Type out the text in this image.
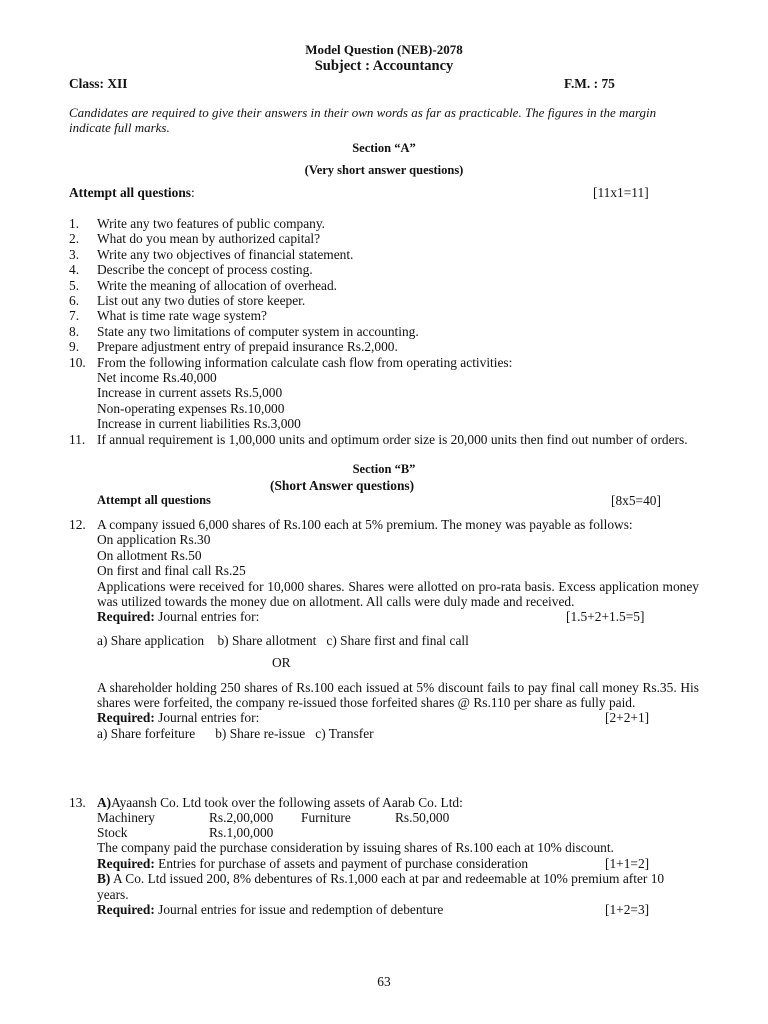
Model Question (NEB)-2078
Subject : Accountancy
Class: XII	F.M. : 75
Candidates are required to give their answers in their own words as far as practicable. The figures in the margin indicate full marks.
Section “A”
(Very short answer questions)
Attempt all questions:	[11x1=11]
1. Write any two features of public company.
2. What do you mean by authorized capital?
3. Write any two objectives of financial statement.
4. Describe the concept of process costing.
5. Write the meaning of allocation of overhead.
6. List out any two duties of store keeper.
7. What is time rate wage system?
8. State any two limitations of computer system in accounting.
9. Prepare adjustment entry of prepaid insurance Rs.2,000.
10. From the following information calculate cash flow from operating activities:
Net income Rs.40,000
Increase in current assets Rs.5,000
Non-operating expenses Rs.10,000
Increase in current liabilities Rs.3,000
11. If annual requirement is 1,00,000 units and optimum order size is 20,000 units then find out number of orders.
Section “B”
(Short Answer questions)
Attempt all questions	[8x5=40]
12. A company issued 6,000 shares of Rs.100 each at 5% premium. The money was payable as follows:
On application Rs.30
On allotment Rs.50
On first and final call Rs.25
Applications were received for 10,000 shares. Shares were allotted on pro-rata basis. Excess application money was utilized towards the money due on allotment. All calls were duly made and received.
Required: Journal entries for:	[1.5+2+1.5=5]
a) Share application    b) Share allotment   c) Share first and final call
OR
A shareholder holding 250 shares of Rs.100 each issued at 5% discount fails to pay final call money Rs.35. His shares were forfeited, the company re-issued those forfeited shares @ Rs.110 per share as fully paid.
Required: Journal entries for:	[2+2+1]
a) Share forfeiture      b) Share re-issue   c) Transfer
13. A)Ayaansh Co. Ltd took over the following assets of Aarab Co. Ltd:
Machinery	Rs.2,00,000 Furniture	Rs.50,000
Stock	Rs.1,00,000
The company paid the purchase consideration by issuing shares of Rs.100 each at 10% discount.
Required: Entries for purchase of assets and payment of purchase consideration	[1+1=2]
B) A Co. Ltd issued 200, 8% debentures of Rs.1,000 each at par and redeemable at 10% premium after 10 years.
Required: Journal entries for issue and redemption of debenture	[1+2=3]
63
